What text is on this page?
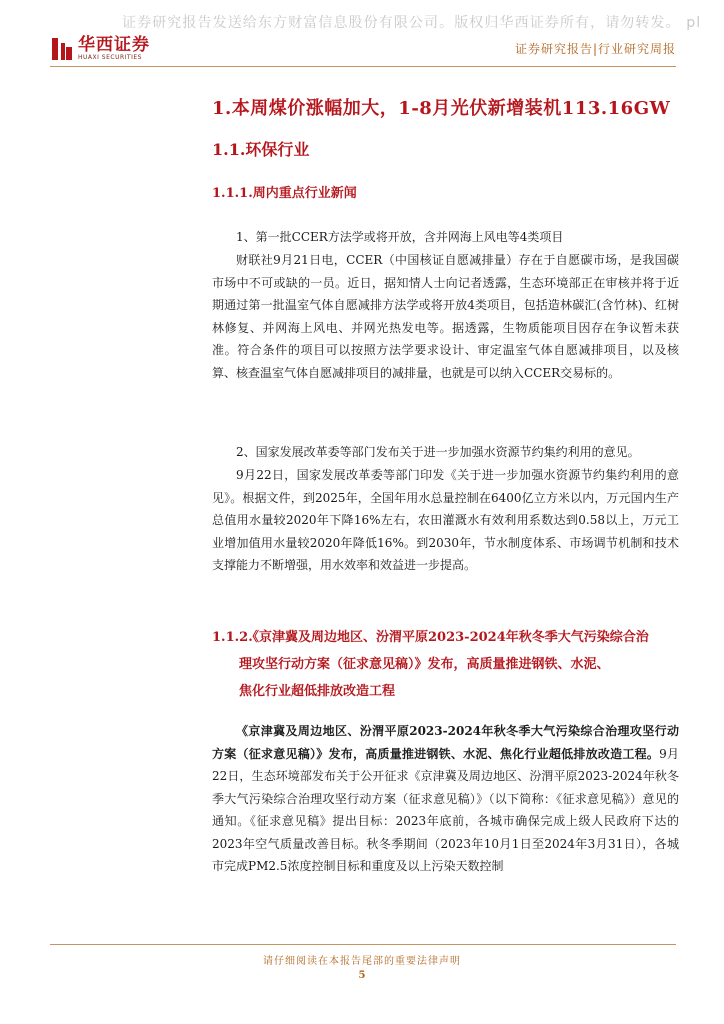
证券研究报告发送给东方财富信息股份有限公司。版权归华西证券所有，请勿转发。 pl
华西证券
HUAXI SECURITIES
证券研究报告|行业研究周报
1.本周煤价涨幅加大，1-8月光伏新增装机113.16GW
1.1.环保行业
1.1.1.周内重点行业新闻
1、第一批CCER方法学或将开放，含并网海上风电等4类项目
财联社9月21日电，CCER（中国核证自愿减排量）存在于自愿碳市场，是我国碳市场中不可或缺的一员。近日，据知情人士向记者透露，生态环境部正在审核并将于近期通过第一批温室气体自愿减排方法学或将开放4类项目，包括造林碳汇(含竹林)、红树林修复、并网海上风电、并网光热发电等。据透露，生物质能项目因存在争议暂未获准。符合条件的项目可以按照方法学要求设计、审定温室气体自愿减排项目，以及核算、核查温室气体自愿减排项目的减排量，也就是可以纳入CCER交易标的。
2、国家发展改革委等部门发布关于进一步加强水资源节约集约利用的意见。
9月22日，国家发展改革委等部门印发《关于进一步加强水资源节约集约利用的意见》。根据文件，到2025年，全国年用水总量控制在6400亿立方米以内，万元国内生产总值用水量较2020年下降16%左右，农田灌溉水有效利用系数达到0.58以上，万元工业增加值用水量较2020年降低16%。到2030年，节水制度体系、市场调节机制和技术支撑能力不断增强，用水效率和效益进一步提高。
1.1.2.《京津冀及周边地区、汾渭平原2023-2024年秋冬季大气污染综合治
理攻坚行动方案（征求意见稿）》发布，高质量推进钢铁、水泥、
焦化行业超低排放改造工程
《京津冀及周边地区、汾渭平原2023-2024年秋冬季大气污染综合治理攻坚行动方案（征求意见稿）》发布，高质量推进钢铁、水泥、焦化行业超低排放改造工程。9月22日，生态环境部发布关于公开征求《京津冀及周边地区、汾渭平原2023-2024年秋冬季大气污染综合治理攻坚行动方案（征求意见稿）》（以下简称：《征求意见稿》）意见的通知。《征求意见稿》提出目标：2023年底前，各城市确保完成上级人民政府下达的2023年空气质量改善目标。秋冬季期间（2023年10月1日至2024年3月31日），各城市完成PM2.5浓度控制目标和重度及以上污染天数控制
请仔细阅读在本报告尾部的重要法律声明
5
